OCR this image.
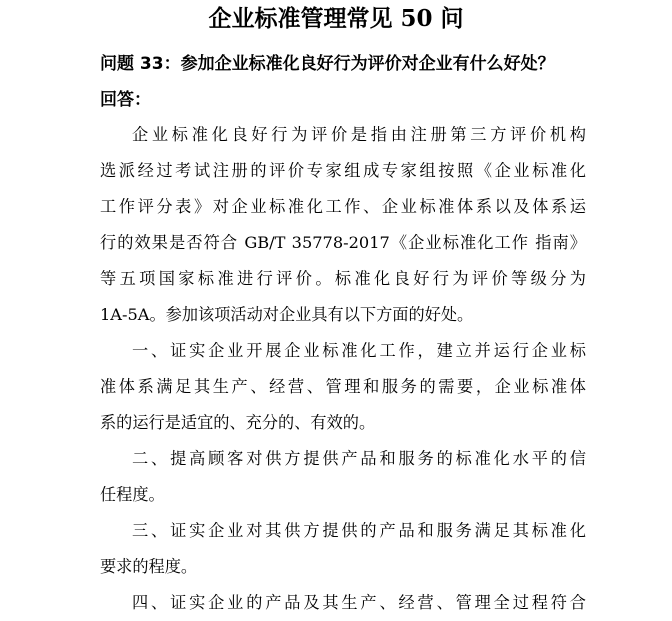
企业标准管理常见 50 问
问题 33：参加企业标准化良好行为评价对企业有什么好处？
回答：
企业标准化良好行为评价是指由注册第三方评价机构
选派经过考试注册的评价专家组成专家组按照《企业标准化
工作评分表》对企业标准化工作、企业标准体系以及体系运
行的效果是否符合 GB/T 35778-2017《企业标准化工作 指南》
等五项国家标准进行评价。标准化良好行为评价等级分为
1A-5A。参加该项活动对企业具有以下方面的好处。
一、证实企业开展企业标准化工作，建立并运行企业标
准体系满足其生产、经营、管理和服务的需要，企业标准体
系的运行是适宜的、充分的、有效的。
二、提高顾客对供方提供产品和服务的标准化水平的信
任程度。
三、证实企业对其供方提供的产品和服务满足其标准化
要求的程度。
四、证实企业的产品及其生产、经营、管理全过程符合
